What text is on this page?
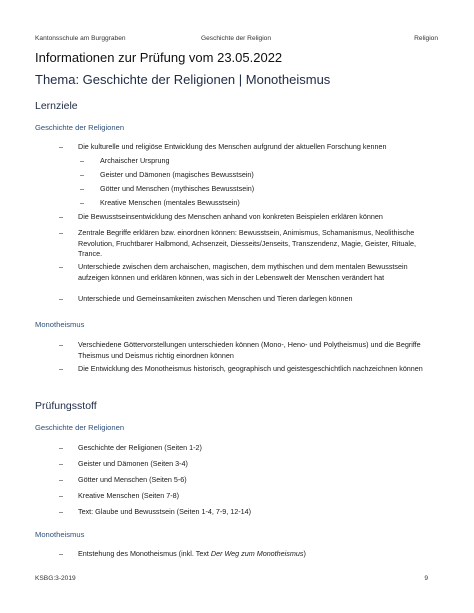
Kantonsschule am Burggraben	Geschichte der Religion	Religion
Informationen zur Prüfung vom 23.05.2022
Thema: Geschichte der Religionen | Monotheismus
Lernziele
Geschichte der Religionen
– Die kulturelle und religiöse Entwicklung des Menschen aufgrund der aktuellen Forschung kennen
– Archaischer Ursprung
– Geister und Dämonen (magisches Bewusstsein)
– Götter und Menschen (mythisches Bewusstsein)
– Kreative Menschen (mentales Bewusstsein)
– Die Bewusstseinsentwicklung des Menschen anhand von konkreten Beispielen erklären können
– Zentrale Begriffe erklären bzw. einordnen können: Bewusstsein, Animismus, Schamanismus, Neolithische Revolution, Fruchtbarer Halbmond, Achsenzeit, Diesseits/Jenseits, Transzendenz, Magie, Geister, Rituale, Trance.
– Unterschiede zwischen dem archaischen, magischen, dem mythischen und dem mentalen Bewusstsein aufzeigen können und erklären können, was sich in der Lebenswelt der Menschen verändert hat
– Unterschiede und Gemeinsamkeiten zwischen Menschen und Tieren darlegen können
Monotheismus
– Verschiedene Göttervorstellungen unterschieden können (Mono-, Heno- und Polytheismus) und die Begriffe Theismus und Deismus richtig einordnen können
– Die Entwicklung des Monotheismus historisch, geographisch und geistesgeschichtlich nachzeichnen können
Prüfungsstoff
Geschichte der Religionen
– Geschichte der Religionen (Seiten 1-2)
– Geister und Dämonen (Seiten 3-4)
– Götter und Menschen (Seiten 5-6)
– Kreative Menschen (Seiten 7-8)
– Text: Glaube und Bewusstsein (Seiten 1-4, 7-9, 12-14)
Monotheismus
– Entstehung des Monotheismus (inkl. Text Der Weg zum Monotheismus)
KSBG:3-2019	9
